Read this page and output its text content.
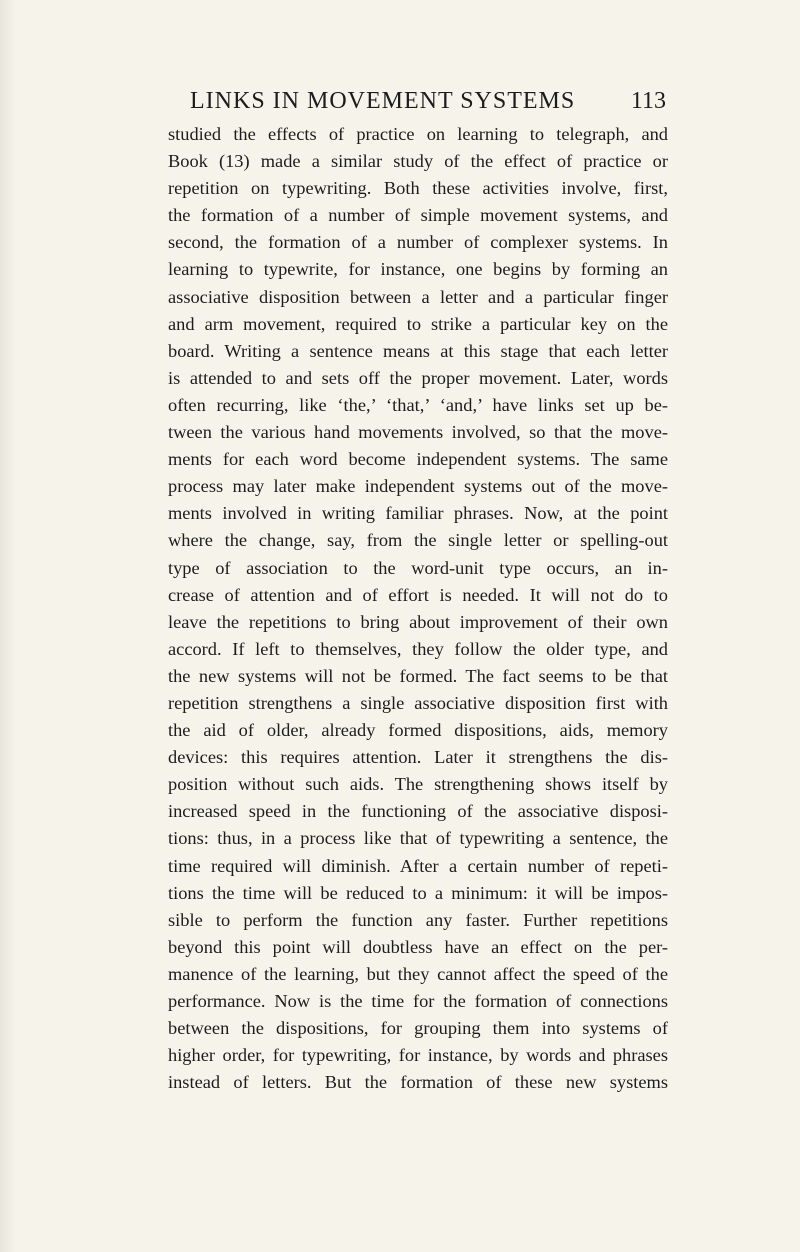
LINKS IN MOVEMENT SYSTEMS	113
studied the effects of practice on learning to telegraph, and
Book (13) made a similar study of the effect of practice or
repetition on typewriting. Both these activities involve, first,
the formation of a number of simple movement systems, and
second, the formation of a number of complexer systems. In
learning to typewrite, for instance, one begins by forming an
associative disposition between a letter and a particular finger
and arm movement, required to strike a particular key on the
board. Writing a sentence means at this stage that each letter
is attended to and sets off the proper movement. Later, words
often recurring, like ‘the,’ ‘that,’ ‘and,’ have links set up be-
tween the various hand movements involved, so that the move-
ments for each word become independent systems. The same
process may later make independent systems out of the move-
ments involved in writing familiar phrases. Now, at the point
where the change, say, from the single letter or spelling-out
type of association to the word-unit type occurs, an in-
crease of attention and of effort is needed. It will not do to
leave the repetitions to bring about improvement of their own
accord. If left to themselves, they follow the older type, and
the new systems will not be formed. The fact seems to be that
repetition strengthens a single associative disposition first with
the aid of older, already formed dispositions, aids, memory
devices: this requires attention. Later it strengthens the dis-
position without such aids. The strengthening shows itself by
increased speed in the functioning of the associative disposi-
tions: thus, in a process like that of typewriting a sentence, the
time required will diminish. After a certain number of repeti-
tions the time will be reduced to a minimum: it will be impos-
sible to perform the function any faster. Further repetitions
beyond this point will doubtless have an effect on the per-
manence of the learning, but they cannot affect the speed of the
performance. Now is the time for the formation of connections
between the dispositions, for grouping them into systems of
higher order, for typewriting, for instance, by words and phrases
instead of letters. But the formation of these new systems
